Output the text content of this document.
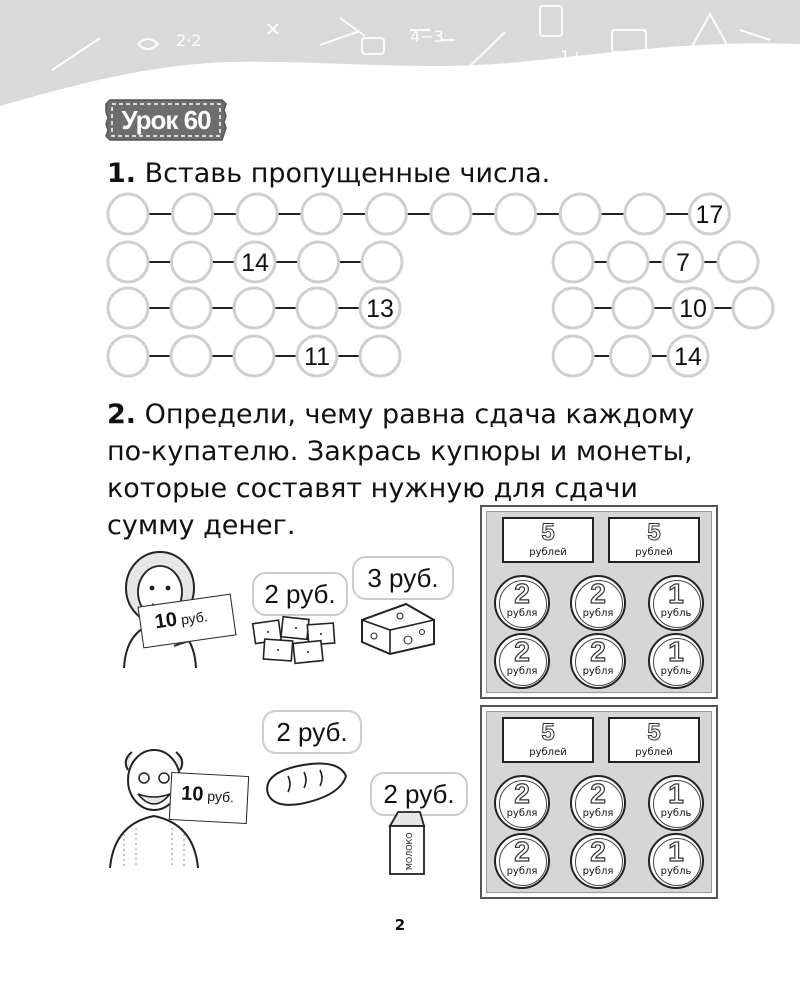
2·2	4−3
1+
Урок 60
1. Вставь пропущенные числа.
17
14	7
13	10
11	14
2. Определи, чему равна сдача каждому по-купателю. Закрась купюры и монеты, которые составят нужную для сдачи сумму денег.
10руб.
2 руб.
3 руб.
5
рублей
5
рублей
2
рубля
2
рубля
1
рубль
2
рубля
2
рубля
1
рубль
10 руб.
2 руб.
2 руб.
МОЛОКО
5
рублей
5
рублей
2
рубля
2
рубля
1
рубль
2
рубля
2
рубля
1
рубль
2
